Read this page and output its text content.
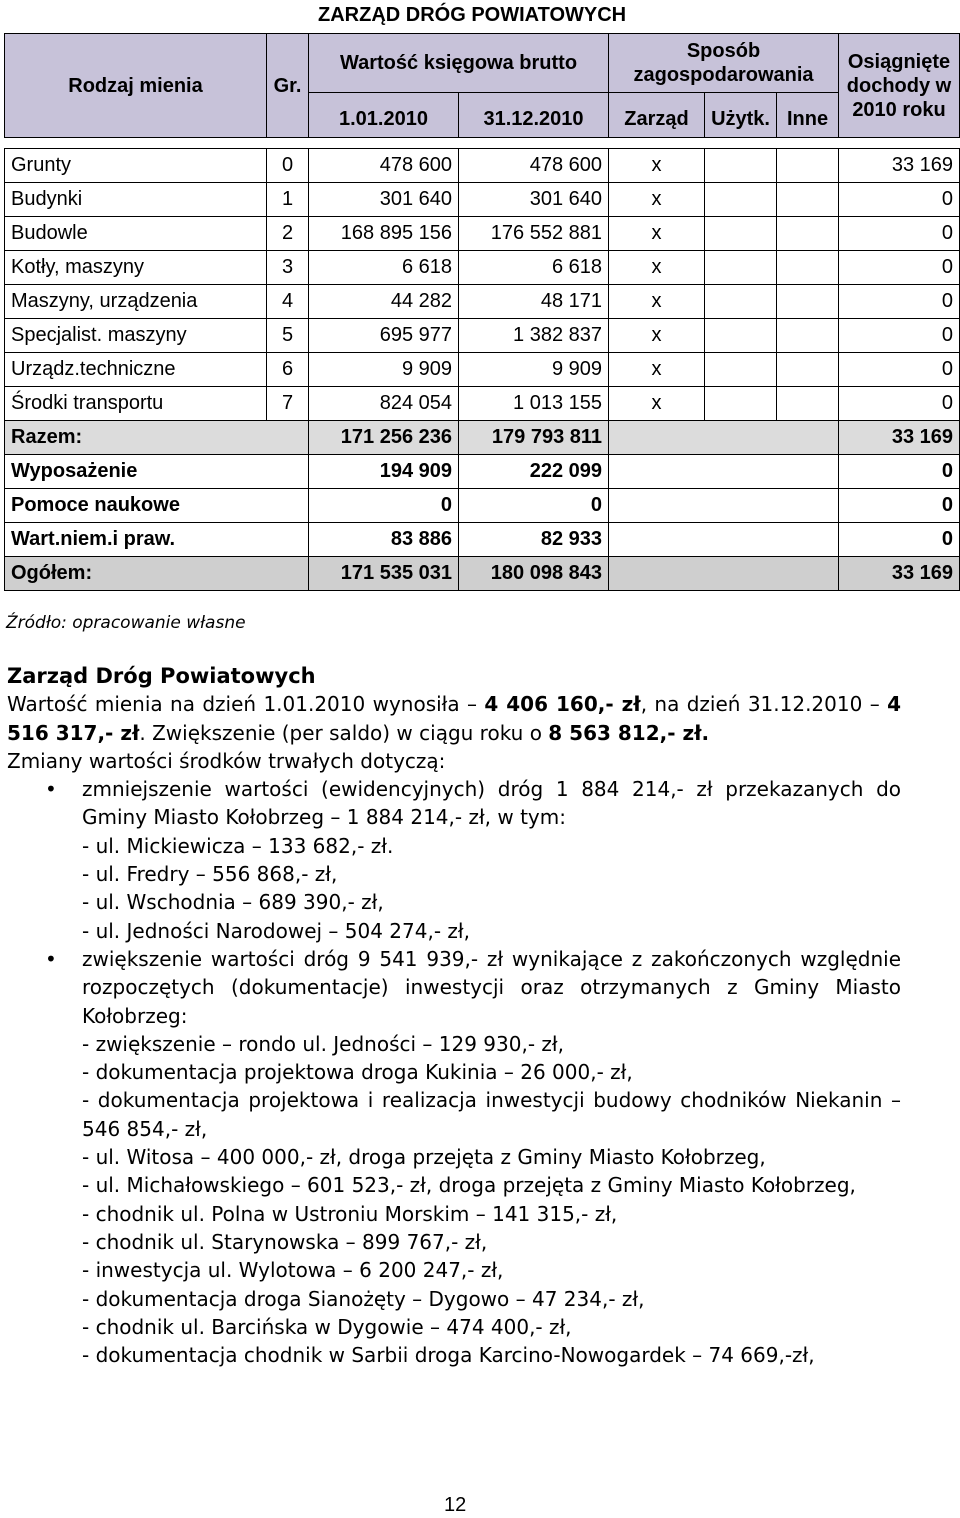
ZARZĄD DRÓG POWIATOWYCH
Rodzaj mienia	Gr.	Wartość księgowa brutto		Sposób zagospodarowania			Osiągnięte dochody w 2010 roku
		1.01.2010	31.12.2010	Zarząd	Użytk.	Inne	

Grunty	0	478 600	478 600	x			33 169
Budynki	1	301 640	301 640	x			0
Budowle	2	168 895 156	176 552 881	x			0
Kotły, maszyny	3	6 618	6 618	x			0
Maszyny, urządzenia	4	44 282	48 171	x			0
Specjalist. maszyny	5	695 977	1 382 837	x			0
Urządz.techniczne	6	9 909	9 909	x			0
Środki transportu	7	824 054	1 013 155	x			0
Razem:		171 256 236	179 793 811				33 169
Wyposażenie		194 909	222 099				0
Pomoce naukowe		0	0				0
Wart.niem.i praw.		83 886	82 933				0
Ogółem:		171 535 031	180 098 843				33 169
Źródło: opracowanie własne

Zarząd Dróg Powiatowych

Wartość mienia na dzień 1.01.2010 wynosiła – 4 406 160,- zł, na dzień 31.12.2010 – 4 516 317,- zł. Zwiększenie (per saldo) w ciągu roku o 8 563 812,- zł.

Zmiany wartości środków trwałych dotyczą:

• zmniejszenie wartości (ewidencyjnych) dróg 1 884 214,- zł przekazanych do Gminy Miasto Kołobrzeg – 1 884 214,- zł, w tym:
- ul. Mickiewicza – 133 682,- zł.
- ul. Fredry – 556 868,- zł,
- ul. Wschodnia – 689 390,- zł,
- ul. Jedności Narodowej – 504 274,- zł,
• zwiększenie wartości dróg 9 541 939,- zł wynikające z zakończonych względnie rozpoczętych (dokumentacje) inwestycji oraz otrzymanych z Gminy Miasto Kołobrzeg:
- zwiększenie – rondo ul. Jedności – 129 930,- zł,
- dokumentacja projektowa droga Kukinia – 26 000,- zł,
- dokumentacja projektowa i realizacja inwestycji budowy chodników Niekanin – 546 854,- zł,
- ul. Witosa – 400 000,- zł, droga przejęta z Gminy Miasto Kołobrzeg,
- ul. Michałowskiego – 601 523,- zł, droga przejęta z Gminy Miasto Kołobrzeg,
- chodnik ul. Polna w Ustroniu Morskim – 141 315,- zł,
- chodnik ul. Starynowska – 899 767,- zł,
- inwestycja ul. Wylotowa – 6 200 247,- zł,
- dokumentacja droga Sianożęty – Dygowo – 47 234,- zł,
- chodnik ul. Barcińska w Dygowie – 474 400,- zł,
- dokumentacja chodnik w Sarbii droga Karcino-Nowogardek – 74 669,-zł,
12
